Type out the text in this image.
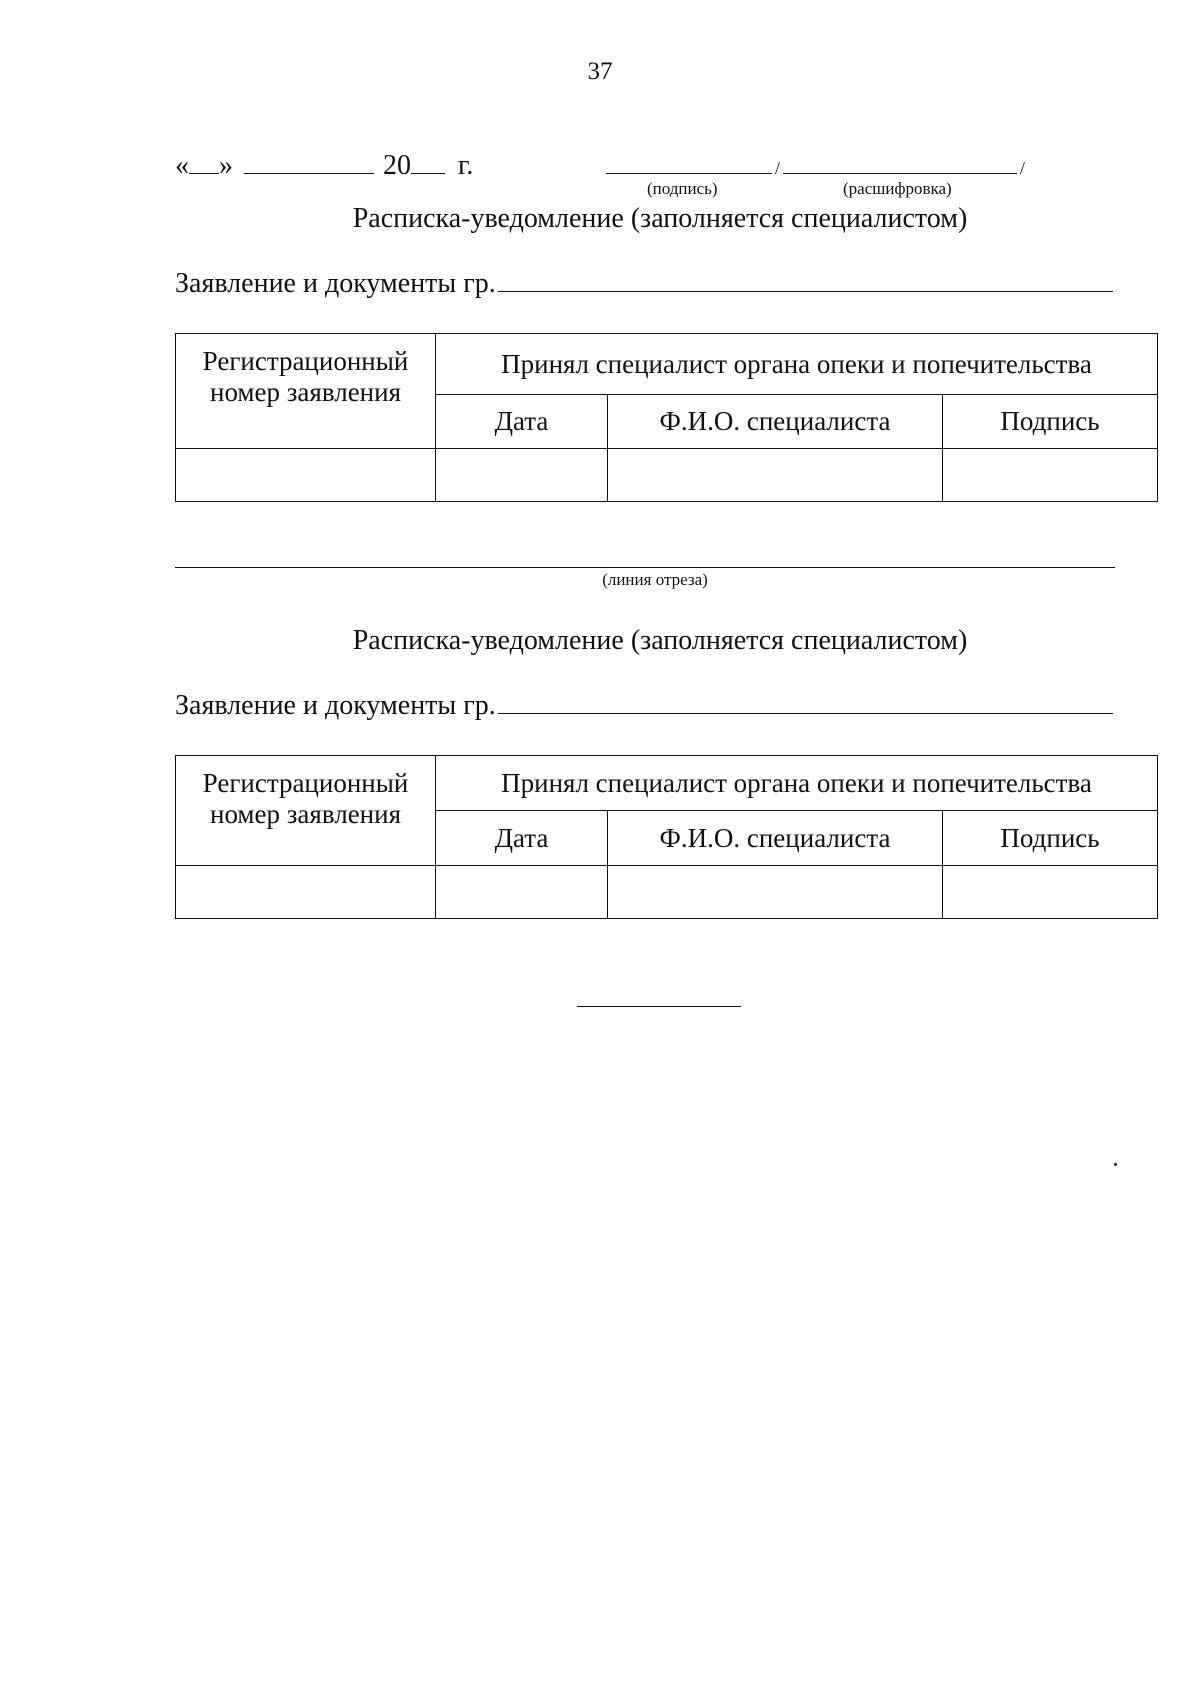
37
« »	20 г.	/	/
(подпись)	(расшифровка)
Расписка-уведомление (заполняется специалистом)
Заявление и документы гр.
Регистрационный номер заявления	Принял специалист органа опеки и попечительства		
	Дата	Ф.И.О. специалиста	Подпись

(линия отреза)
Расписка-уведомление (заполняется специалистом)
Заявление и документы гр.
Регистрационный номер заявления	Принял специалист органа опеки и попечительства		
	Дата	Ф.И.О. специалиста	Подпись
